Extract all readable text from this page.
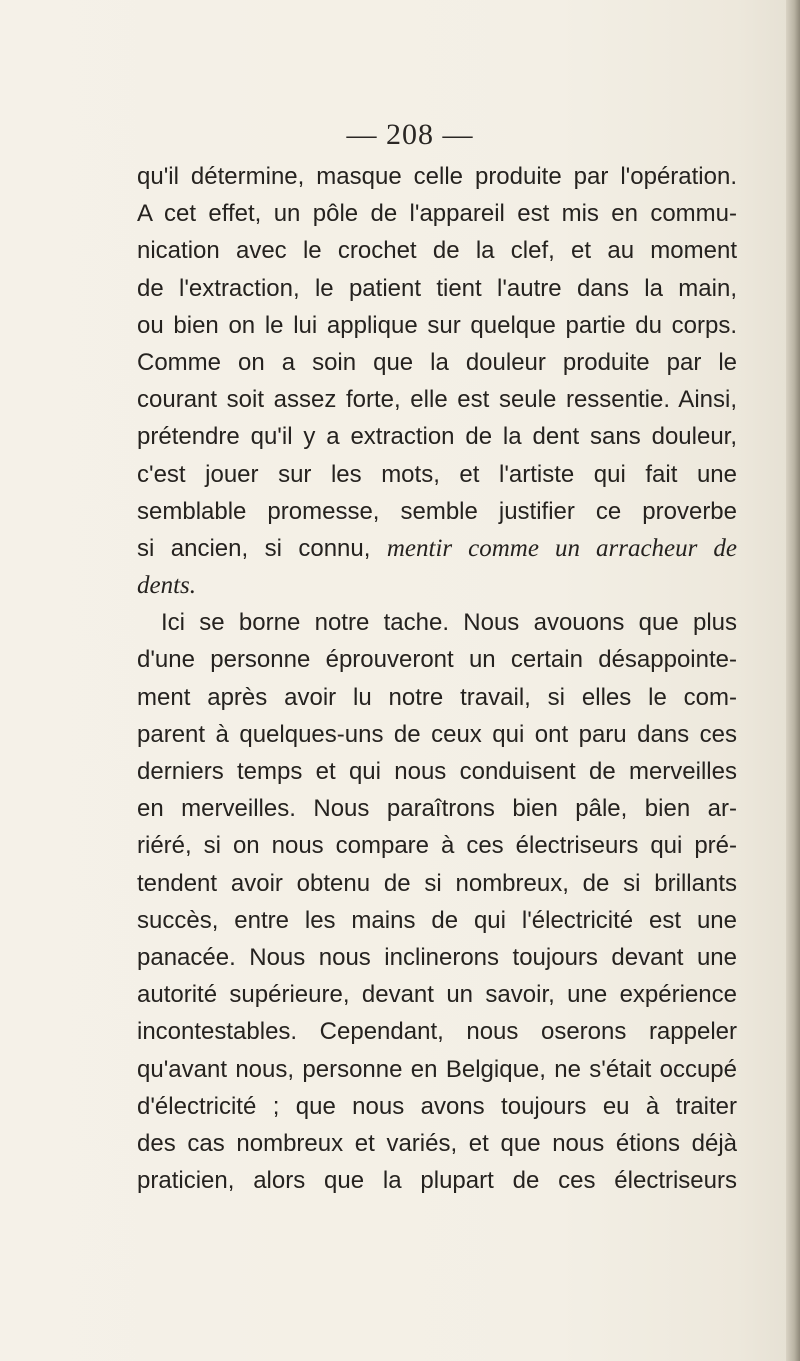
— 208 —
qu'il détermine, masque celle produite par l'opération.
A cet effet, un pôle de l'appareil est mis en commu-
nication avec le crochet de la clef, et au moment
de l'extraction, le patient tient l'autre dans la main,
ou bien on le lui applique sur quelque partie du corps.
Comme on a soin que la douleur produite par le
courant soit assez forte, elle est seule ressentie. Ainsi,
prétendre qu'il y a extraction de la dent sans douleur,
c'est jouer sur les mots, et l'artiste qui fait une
semblable promesse, semble justifier ce proverbe
si ancien, si connu, mentir comme un arracheur de
dents.
Ici se borne notre tache. Nous avouons que plus
d'une personne éprouveront un certain désappointe-
ment après avoir lu notre travail, si elles le com-
parent à quelques-uns de ceux qui ont paru dans ces
derniers temps et qui nous conduisent de merveilles
en merveilles. Nous paraîtrons bien pâle, bien ar-
riéré, si on nous compare à ces électriseurs qui pré-
tendent avoir obtenu de si nombreux, de si brillants
succès, entre les mains de qui l'électricité est une
panacée. Nous nous inclinerons toujours devant une
autorité supérieure, devant un savoir, une expérience
incontestables. Cependant, nous oserons rappeler
qu'avant nous, personne en Belgique, ne s'était occupé
d'électricité ; que nous avons toujours eu à traiter
des cas nombreux et variés, et que nous étions déjà
praticien, alors que la plupart de ces électriseurs
